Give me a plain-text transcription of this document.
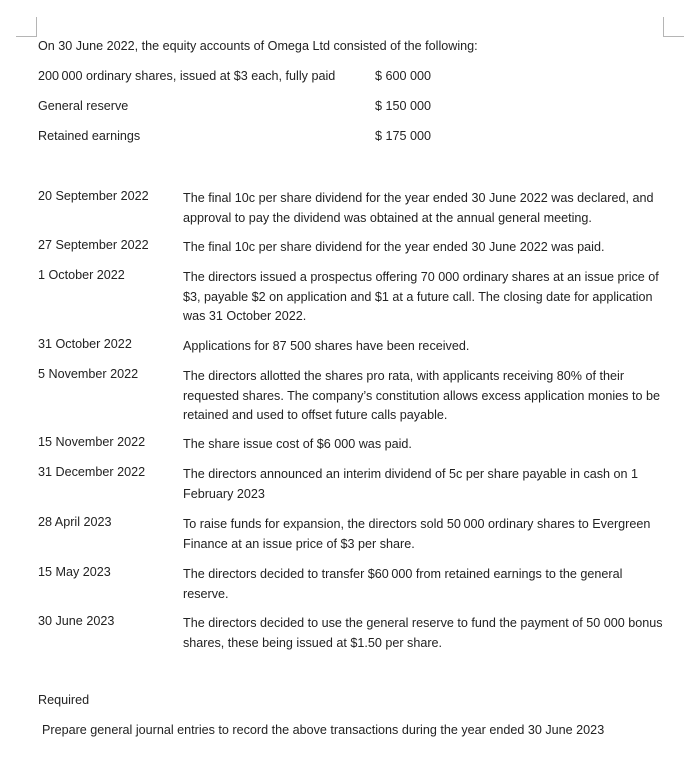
On 30 June 2022, the equity accounts of Omega Ltd consisted of the following:
200 000 ordinary shares, issued at $3 each, fully paid	$ 600 000
General reserve	$ 150 000
Retained earnings	$ 175 000
20 September 2022	The final 10c per share dividend for the year ended 30 June 2022 was declared, and approval to pay the dividend was obtained at the annual general meeting.
27 September 2022	The final 10c per share dividend for the year ended 30 June 2022 was paid.
1 October 2022	The directors issued a prospectus offering 70 000 ordinary shares at an issue price of $3, payable $2 on application and $1 at a future call. The closing date for application was 31 October 2022.
31 October 2022	Applications for 87 500 shares have been received.
5 November 2022	The directors allotted the shares pro rata, with applicants receiving 80% of their requested shares. The company’s constitution allows excess application monies to be retained and used to offset future calls payable.
15 November 2022	The share issue cost of $6 000 was paid.
31 December 2022	The directors announced an interim dividend of 5c per share payable in cash on 1 February 2023
28 April 2023	To raise funds for expansion, the directors sold 50 000 ordinary shares to Evergreen Finance at an issue price of $3 per share.
15 May 2023	The directors decided to transfer $60 000 from retained earnings to the general reserve.
30 June 2023	The directors decided to use the general reserve to fund the payment of 50 000 bonus shares, these being issued at $1.50 per share.
Required
Prepare general journal entries to record the above transactions during the year ended 30 June 2023
